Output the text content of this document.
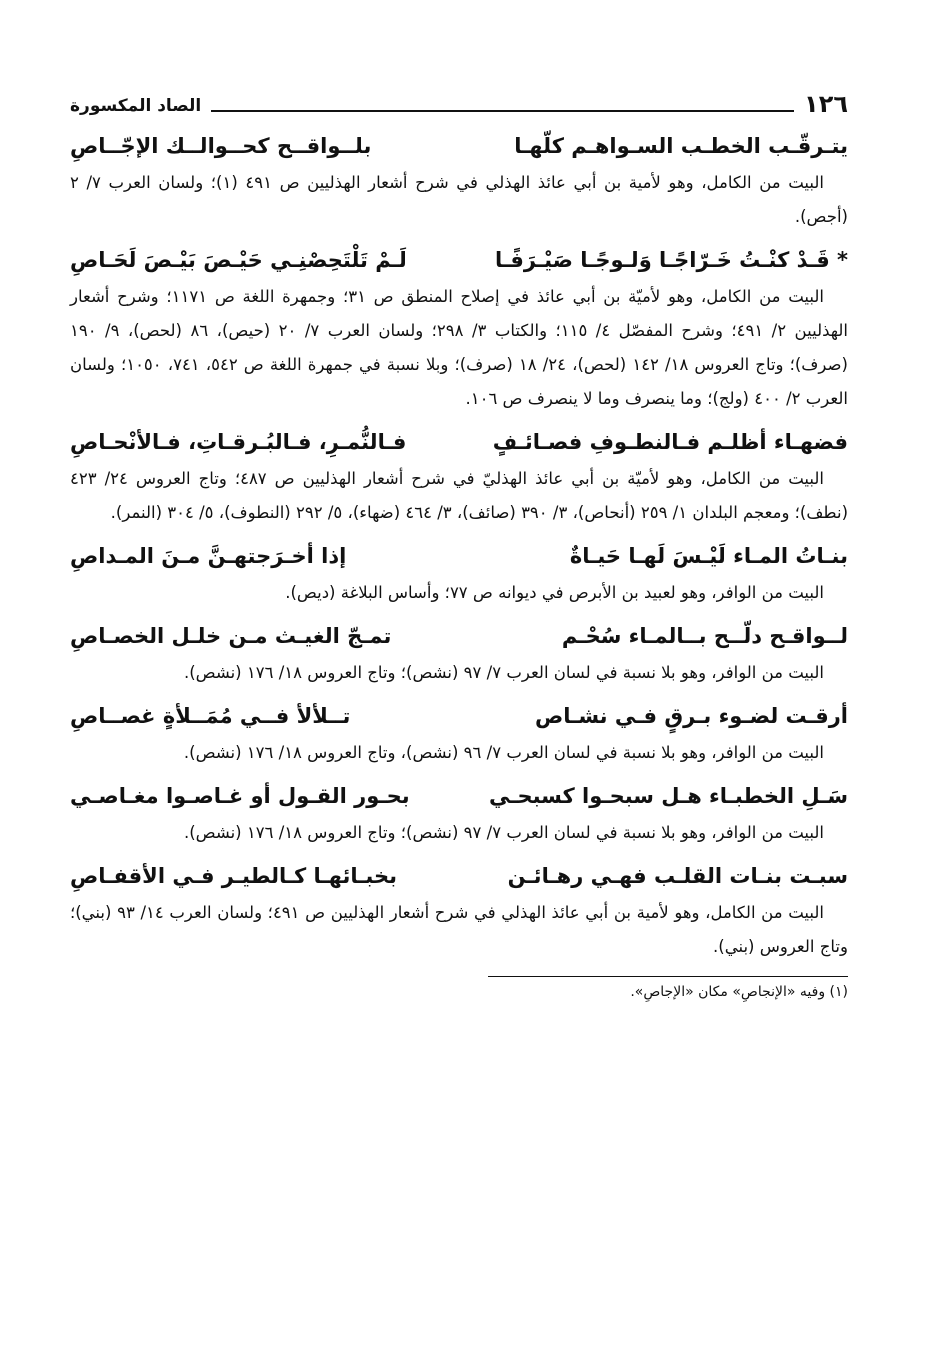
١٢٦
الصاد المكسورة
يتـرقّـب الخطـب السـواهـم كلّهـا
بلــواقــح كحــوالــك الإجّــاصِ
البيت من الكامل، وهو لأمية بن أبي عائذ الهذلي في شرح أشعار الهذليين ص ٤٩١ (١)؛ ولسان العرب ٧/ ٢ (أجص).
* قَـدْ كنْـتُ خَـرّاجًـا وَلـوجًـا صَيْـرَفًـا
لَـمْ تَلْتَحِصْنِـي حَيْـصَ بَيْـصَ لَحَـاصِ
البيت من الكامل، وهو لأميّة بن أبي عائذ في إصلاح المنطق ص ٣١؛ وجمهرة اللغة ص ١١٧١؛ وشرح أشعار الهذليين ٢/ ٤٩١؛ وشرح المفصّل ٤/ ١١٥؛ والكتاب ٣/ ٢٩٨؛ ولسان العرب ٧/ ٢٠ (حيص)، ٨٦ (لحص)، ٩/ ١٩٠ (صرف)؛ وتاج العروس ١٨/ ١٤٢ (لحص)، ٢٤/ ١٨ (صرف)؛ وبلا نسبة في جمهرة اللغة ص ٥٤٢، ٧٤١، ١٠٥٠؛ ولسان العرب ٢/ ٤٠٠ (ولج)؛ وما ينصرف وما لا ينصرف ص ١٠٦.
فضهـاء أظلـم فـالنطـوفِ فصـائـفٍ
فـالنُّمـرِ، فـالبُـرقـاتِ، فـالأنْحـاصِ
البيت من الكامل، وهو لأميّة بن أبي عائذ الهذليّ في شرح أشعار الهذليين ص ٤٨٧؛ وتاج العروس ٢٤/ ٤٢٣ (نطف)؛ ومعجم البلدان ١/ ٢٥٩ (أنحاص)، ٣/ ٣٩٠ (صائف)، ٣/ ٤٦٤ (ضهاء)، ٥/ ٢٩٢ (النطوف)، ٥/ ٣٠٤ (النمر).
بنـاتُ المـاء لَيْـسَ لَهـا حَيـاةٌ
إذا أخـرَجتهـنَّ مـنَ المـداصِ
البيت من الوافر، وهو لعبيد بن الأبرص في ديوانه ص ٧٧؛ وأساس البلاغة (ديص).
لــواقـح دلّــح بــالمـاء سُحْـم
تمـجّ الغيـث مـن خلـل الخصـاصِ
البيت من الوافر، وهو بلا نسبة في لسان العرب ٧/ ٩٧ (نشص)؛ وتاج العروس ١٨/ ١٧٦ (نشص).
أرقـت لضـوء بـرقٍ فـي نشـاص
تــلألأ فــي مُمَــلأةٍ غصــاصِ
البيت من الوافر، وهو بلا نسبة في لسان العرب ٧/ ٩٦ (نشص)، وتاج العروس ١٨/ ١٧٦ (نشص).
سَـلِ الخطبـاء هـل سبحـوا كسبحـي
بحـور القـول أو غـاصـوا مغـاصـي
البيت من الوافر، وهو بلا نسبة في لسان العرب ٧/ ٩٧ (نشص)؛ وتاج العروس ١٨/ ١٧٦ (نشص).
سبـت بنـات القلـب فهـي رهـائـن
بخبـائهـا كـالطيـر فـي الأقفـاصِ
البيت من الكامل، وهو لأمية بن أبي عائذ الهذلي في شرح أشعار الهذليين ص ٤٩١؛ ولسان العرب ١٤/ ٩٣ (بني)؛ وتاج العروس (بني).
(١) وفيه «الإنجاصِ» مكان «الإجاصِ».
